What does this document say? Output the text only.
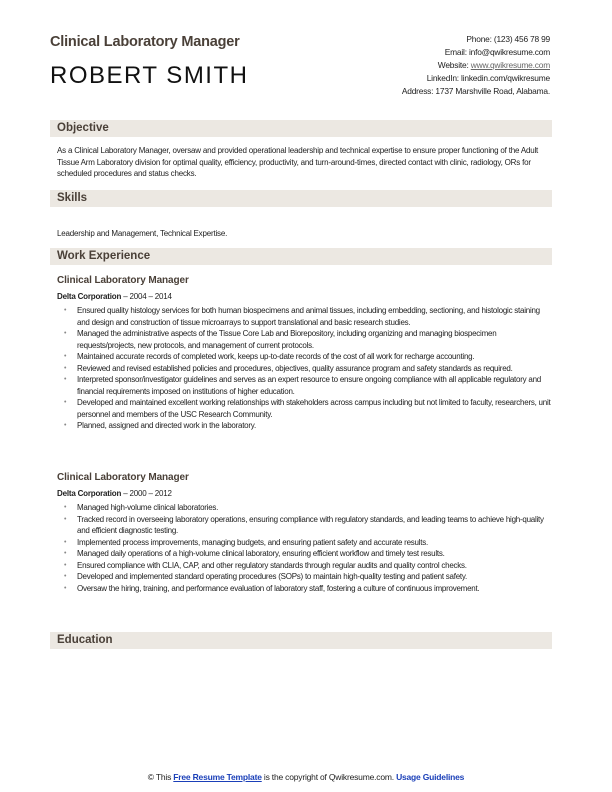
Clinical Laboratory Manager
ROBERT SMITH
Phone: (123) 456 78 99
Email: info@qwikresume.com
Website: www.qwikresume.com
LinkedIn: linkedin.com/qwikresume
Address: 1737 Marshville Road, Alabama.
Objective
As a Clinical Laboratory Manager, oversaw and provided operational leadership and technical expertise to ensure proper functioning of the Adult Tissue Arm Laboratory division for optimal quality, efficiency, productivity, and turn-around-times, directed contact with clinic, radiology, ORs for scheduled procedures and status checks.
Skills
Leadership and Management, Technical Expertise.
Work Experience
Clinical Laboratory Manager
Delta Corporation – 2004 – 2014
• Ensured quality histology services for both human biospecimens and animal tissues, including embedding, sectioning, and histologic staining and design and construction of tissue microarrays to support translational and basic research studies.
• Managed the administrative aspects of the Tissue Core Lab and Biorepository, including organizing and managing biospecimen requests/projects, new protocols, and management of current protocols.
• Maintained accurate records of completed work, keeps up-to-date records of the cost of all work for recharge accounting.
• Reviewed and revised established policies and procedures, objectives, quality assurance program and safety standards as required.
• Interpreted sponsor/investigator guidelines and serves as an expert resource to ensure ongoing compliance with all applicable regulatory and financial requirements imposed on institutions of higher education.
• Developed and maintained excellent working relationships with stakeholders across campus including but not limited to faculty, researchers, unit personnel and members of the USC Research Community.
• Planned, assigned and directed work in the laboratory.
Clinical Laboratory Manager
Delta Corporation – 2000 – 2012
• Managed high-volume clinical laboratories.
• Tracked record in overseeing laboratory operations, ensuring compliance with regulatory standards, and leading teams to achieve high-quality and efficient diagnostic testing.
• Implemented process improvements, managing budgets, and ensuring patient safety and accurate results.
• Managed daily operations of a high-volume clinical laboratory, ensuring efficient workflow and timely test results.
• Ensured compliance with CLIA, CAP, and other regulatory standards through regular audits and quality control checks.
• Developed and implemented standard operating procedures (SOPs) to maintain high-quality testing and patient safety.
• Oversaw the hiring, training, and performance evaluation of laboratory staff, fostering a culture of continuous improvement.
Education
© This Free Resume Template is the copyright of Qwikresume.com. Usage Guidelines
